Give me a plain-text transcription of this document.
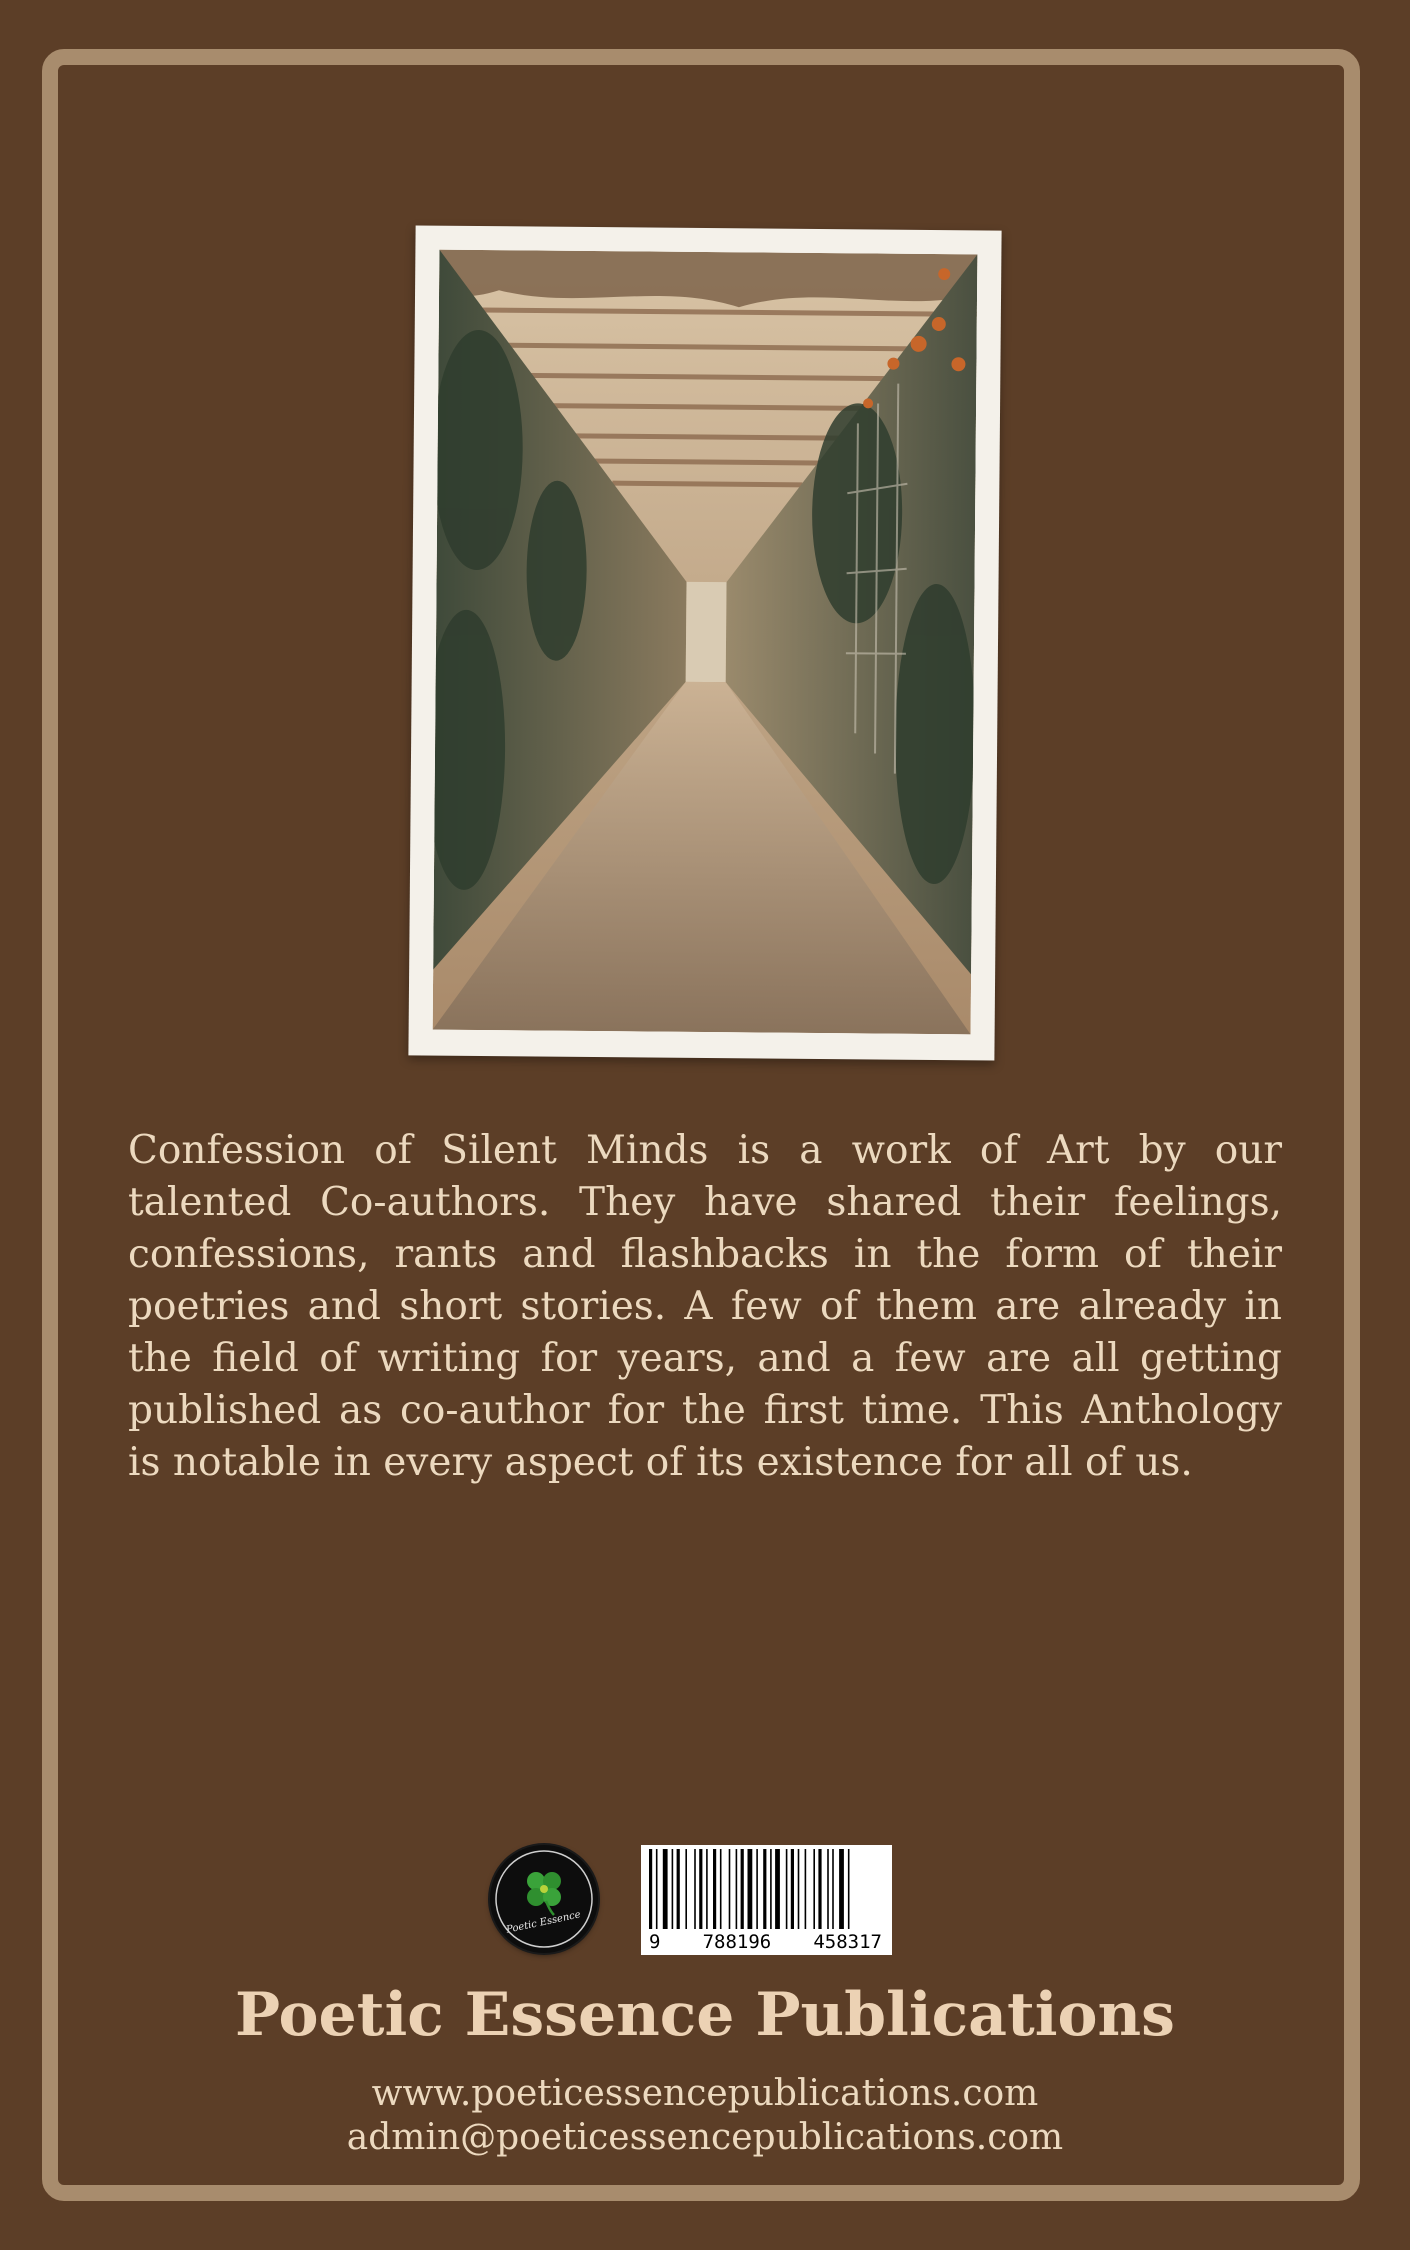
Confession of Silent Minds is a work of Art by our talented Co-authors. They have shared their feelings, confessions, rants and flashbacks in the form of their poetries and short stories. A few of them are already in the field of writing for years, and a few are all getting published as co-author for the first time. This Anthology is notable in every aspect of its existence for all of us.

Poetic Essence
9 788196 458317
Poetic Essence Publications
www.poeticessencepublications.com
admin@poeticessencepublications.com
